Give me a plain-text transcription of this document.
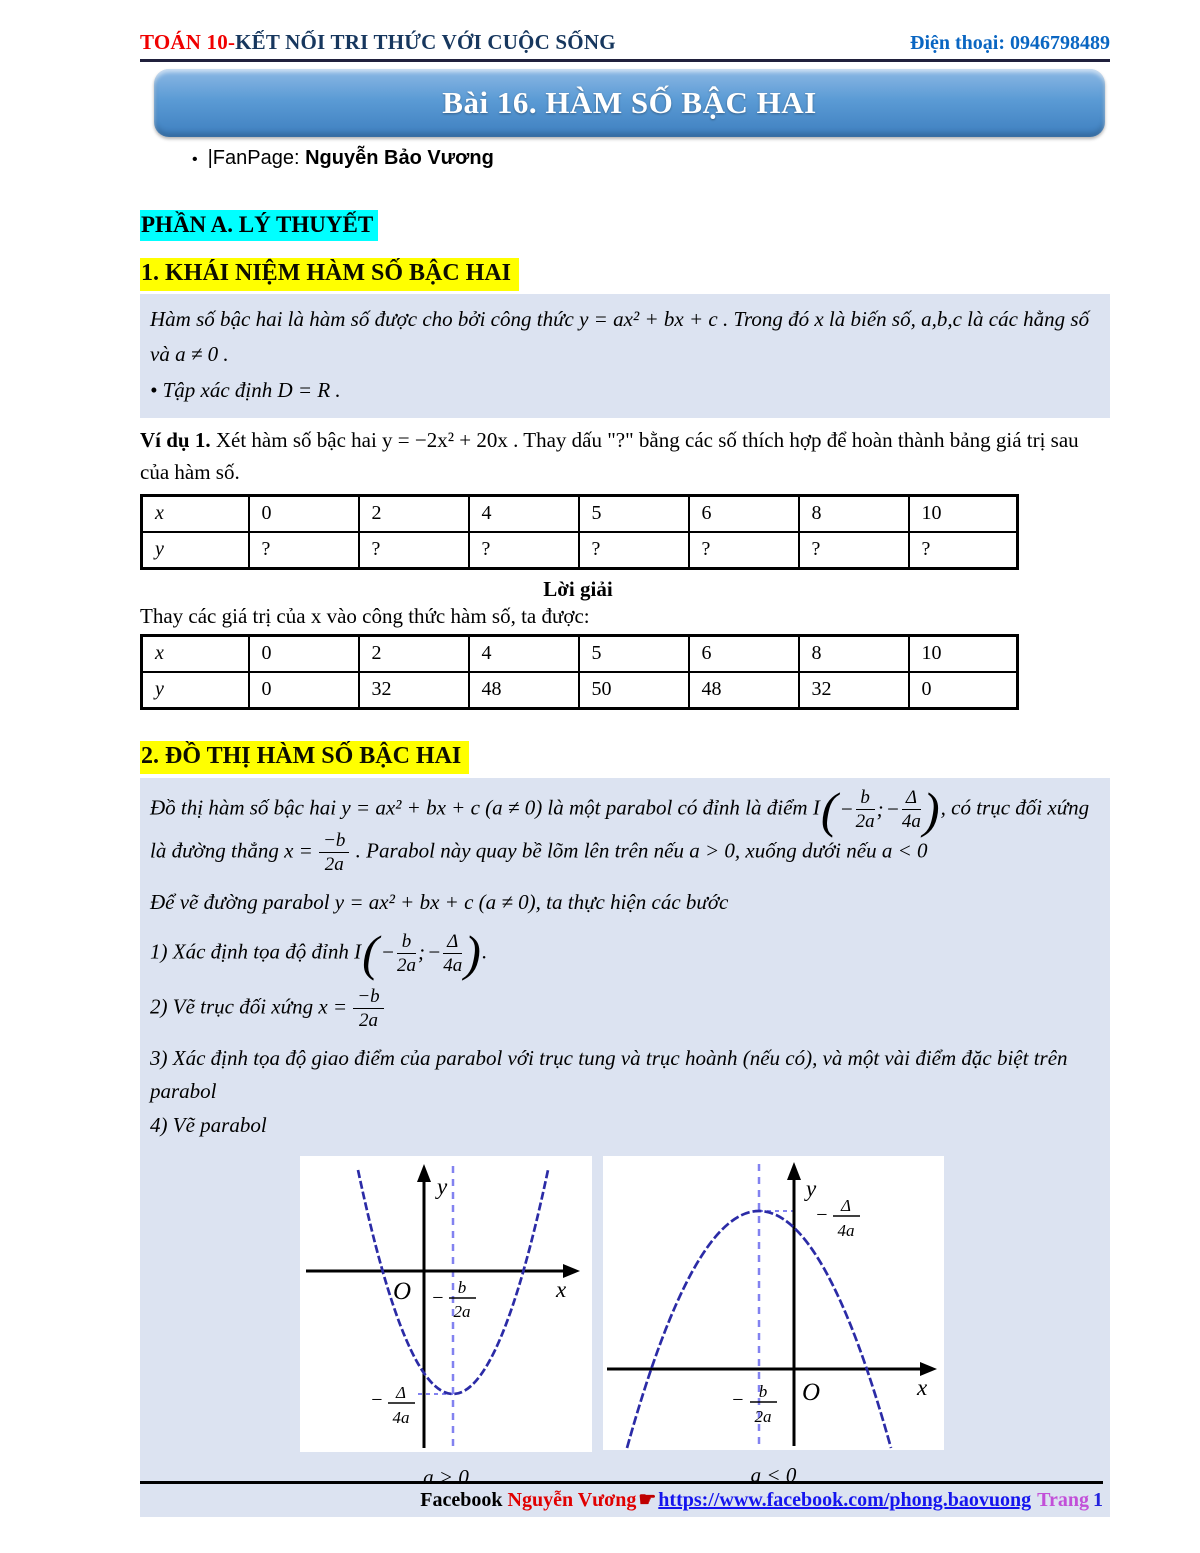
TOÁN 10-KẾT NỐI TRI THỨC VỚI CUỘC SỐNG	Điện thoại: 0946798489
Bài 16. HÀM SỐ BẬC HAI
• |FanPage: Nguyễn Bảo Vương
PHẦN A. LÝ THUYẾT
1. KHÁI NIỆM HÀM SỐ BẬC HAI

Hàm số bậc hai là hàm số được cho bởi công thức y = ax² + bx + c . Trong đó x là biến số, a,b,c là các hằng số và a ≠ 0 .

• Tập xác định D = R .

Ví dụ 1. Xét hàm số bậc hai y = −2x² + 20x . Thay dấu "?" bằng các số thích hợp để hoàn thành bảng giá trị sau của hàm số.

x	0	2	4	5	6	8	10
y	?	?	?	?	?	?	?

Lời giải

Thay các giá trị của x vào công thức hàm số, ta được:

x	0	2	4	5	6	8	10
y	0	32	48	50	48	32	0
2. ĐỒ THỊ HÀM SỐ BẬC HAI

Đồ thị hàm số bậc hai y = ax² + bx + c (a ≠ 0) là một parabol có đỉnh là điểm I ( − $\frac{b}{2a}$ ; − $\frac{\Delta}{4a}$ ) , có trục đối xứng là đường thẳng $x = \frac{-b}{2a}$ . Parabol này quay bề lõm lên trên nếu a > 0, xuống dưới nếu a < 0

Để vẽ đường parabol y = ax² + bx + c (a ≠ 0), ta thực hiện các bước

1) Xác định tọa độ đỉnh I ( − $\frac{b}{2a}$ ; − $\frac{\Delta}{4a}$ ) .

2) Vẽ trục đối xứng $x = \frac{-b}{2a}$

3) Xác định tọa độ giao điểm của parabol với trục tung và trục hoành (nếu có), và một vài điểm đặc biệt trên parabol

4) Vẽ parabol

y
x
O − b
2a
− Δ
4a
a > 0
y
x
O
− Δ
4a
− b
2a
a < 0
Facebook Nguyễn Vương ☛ https://www.facebook.com/phong.baovuong Trang 1
